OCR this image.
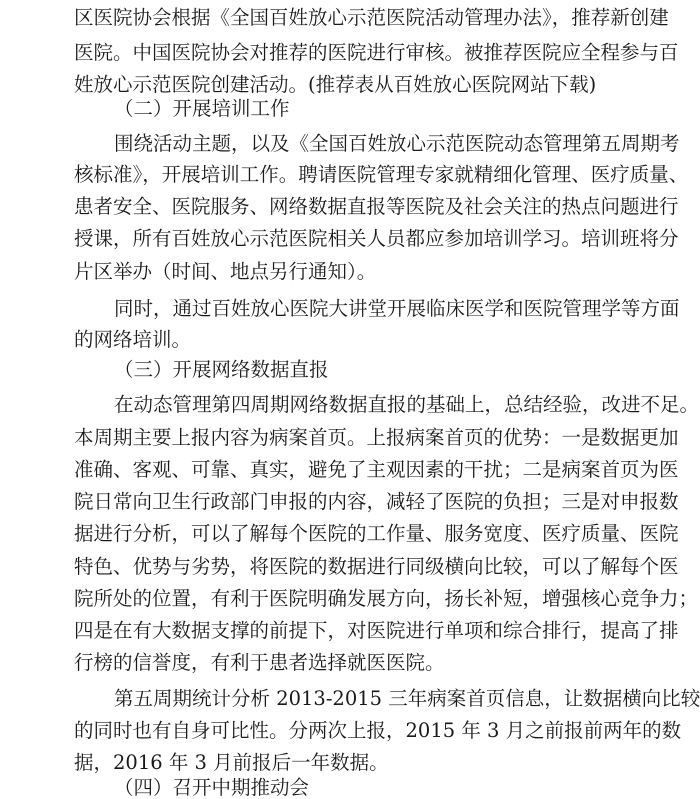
区医院协会根据《全国百姓放心示范医院活动管理办法》，推荐新创建
医院。中国医院协会对推荐的医院进行审核。被推荐医院应全程参与百
姓放心示范医院创建活动。(推荐表从百姓放心医院网站下载)
（二）开展培训工作
围绕活动主题，以及《全国百姓放心示范医院动态管理第五周期考
核标准》，开展培训工作。聘请医院管理专家就精细化管理、医疗质量、
患者安全、医院服务、网络数据直报等医院及社会关注的热点问题进行
授课，所有百姓放心示范医院相关人员都应参加培训学习。培训班将分
片区举办（时间、地点另行通知）。
同时，通过百姓放心医院大讲堂开展临床医学和医院管理学等方面
的网络培训。
（三）开展网络数据直报
在动态管理第四周期网络数据直报的基础上，总结经验，改进不足。
本周期主要上报内容为病案首页。上报病案首页的优势：一是数据更加
准确、客观、可靠、真实，避免了主观因素的干扰；二是病案首页为医
院日常向卫生行政部门申报的内容，减轻了医院的负担；三是对申报数
据进行分析，可以了解每个医院的工作量、服务宽度、医疗质量、医院
特色、优势与劣势，将医院的数据进行同级横向比较，可以了解每个医
院所处的位置，有利于医院明确发展方向，扬长补短，增强核心竞争力；
四是在有大数据支撑的前提下，对医院进行单项和综合排行，提高了排
行榜的信誉度，有利于患者选择就医医院。
第五周期统计分析 2013-2015 三年病案首页信息，让数据横向比较
的同时也有自身可比性。分两次上报，2015 年 3 月之前报前两年的数
据，2016 年 3 月前报后一年数据。
（四）召开中期推动会
